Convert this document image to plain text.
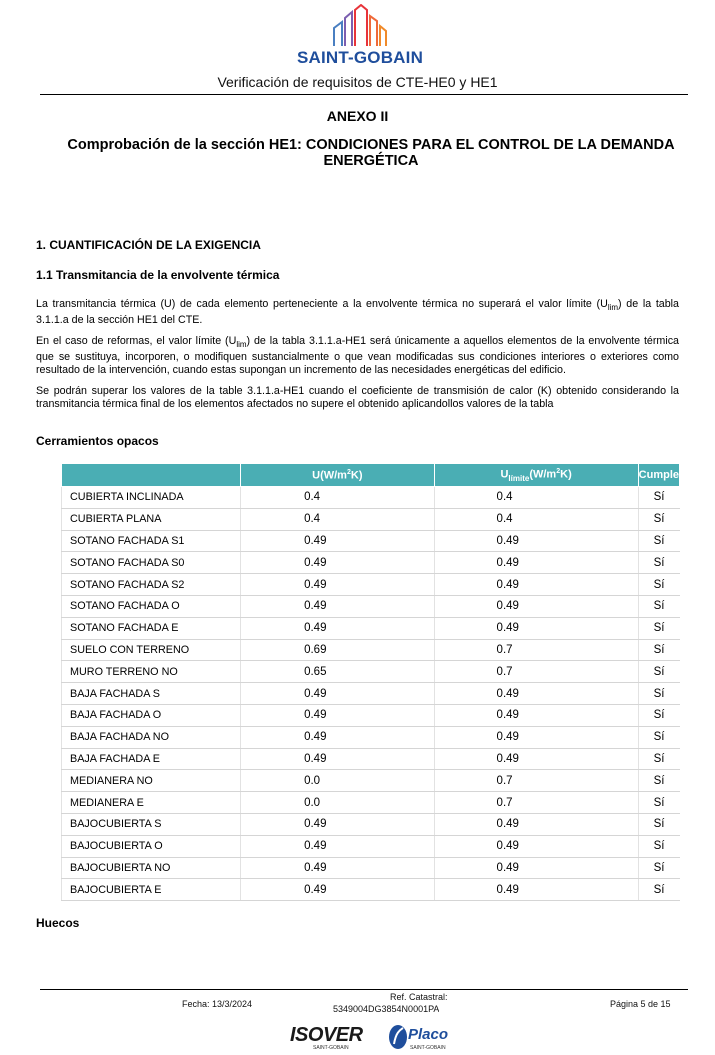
SAINT-GOBAIN
Verificación de requisitos de CTE-HE0 y HE1
ANEXO II
Comprobación de la sección HE1: CONDICIONES PARA EL CONTROL DE LA DEMANDA ENERGÉTICA
1. CUANTIFICACIÓN DE LA EXIGENCIA
1.1 Transmitancia de la envolvente térmica
La transmitancia térmica (U) de cada elemento perteneciente a la envolvente térmica no superará el valor límite $(U_{lim})$ de la tabla 3.1.1.a de la sección HE1 del CTE.
En el caso de reformas, el valor límite $(U_{lim})$ de la tabla 3.1.1.a-HE1 será únicamente a aquellos elementos de la envolvente térmica que se sustituya, incorporen, o modifiquen sustancialmente o que vean modificadas sus condiciones interiores o exteriores como resultado de la intervención, cuando estas supongan un incremento de las necesidades energéticas del edificio.
Se podrán superar los valores de la table 3.1.1.a-HE1 cuando el coeficiente de transmisión de calor (K) obtenido considerando la transmitancia térmica final de los elementos afectados no supere el obtenido aplicandollos valores de la tabla
Cerramientos opacos
	$U(W/m^2K)$	$U_{límite}(W/m^2K)$	Cumple
CUBIERTA INCLINADA	0.4	0.4	Sí
CUBIERTA PLANA	0.4	0.4	Sí
SOTANO FACHADA S1	0.49	0.49	Sí
SOTANO FACHADA S0	0.49	0.49	Sí
SOTANO FACHADA S2	0.49	0.49	Sí
SOTANO FACHADA O	0.49	0.49	Sí
SOTANO FACHADA E	0.49	0.49	Sí
SUELO CON TERRENO	0.69	0.7	Sí
MURO TERRENO NO	0.65	0.7	Sí
BAJA FACHADA S	0.49	0.49	Sí
BAJA FACHADA O	0.49	0.49	Sí
BAJA FACHADA NO	0.49	0.49	Sí
BAJA FACHADA E	0.49	0.49	Sí
MEDIANERA NO	0.0	0.7	Sí
MEDIANERA E	0.0	0.7	Sí
BAJOCUBIERTA S	0.49	0.49	Sí
BAJOCUBIERTA O	0.49	0.49	Sí
BAJOCUBIERTA NO	0.49	0.49	Sí
BAJOCUBIERTA E	0.49	0.49	Sí
Huecos
Fecha: 13/3/2024
Ref. Catastral:
5349004DG3854N0001PA	Página 5 de 15
ISOVER
SAINT-GOBAIN
Placo
SAINT-GOBAIN
